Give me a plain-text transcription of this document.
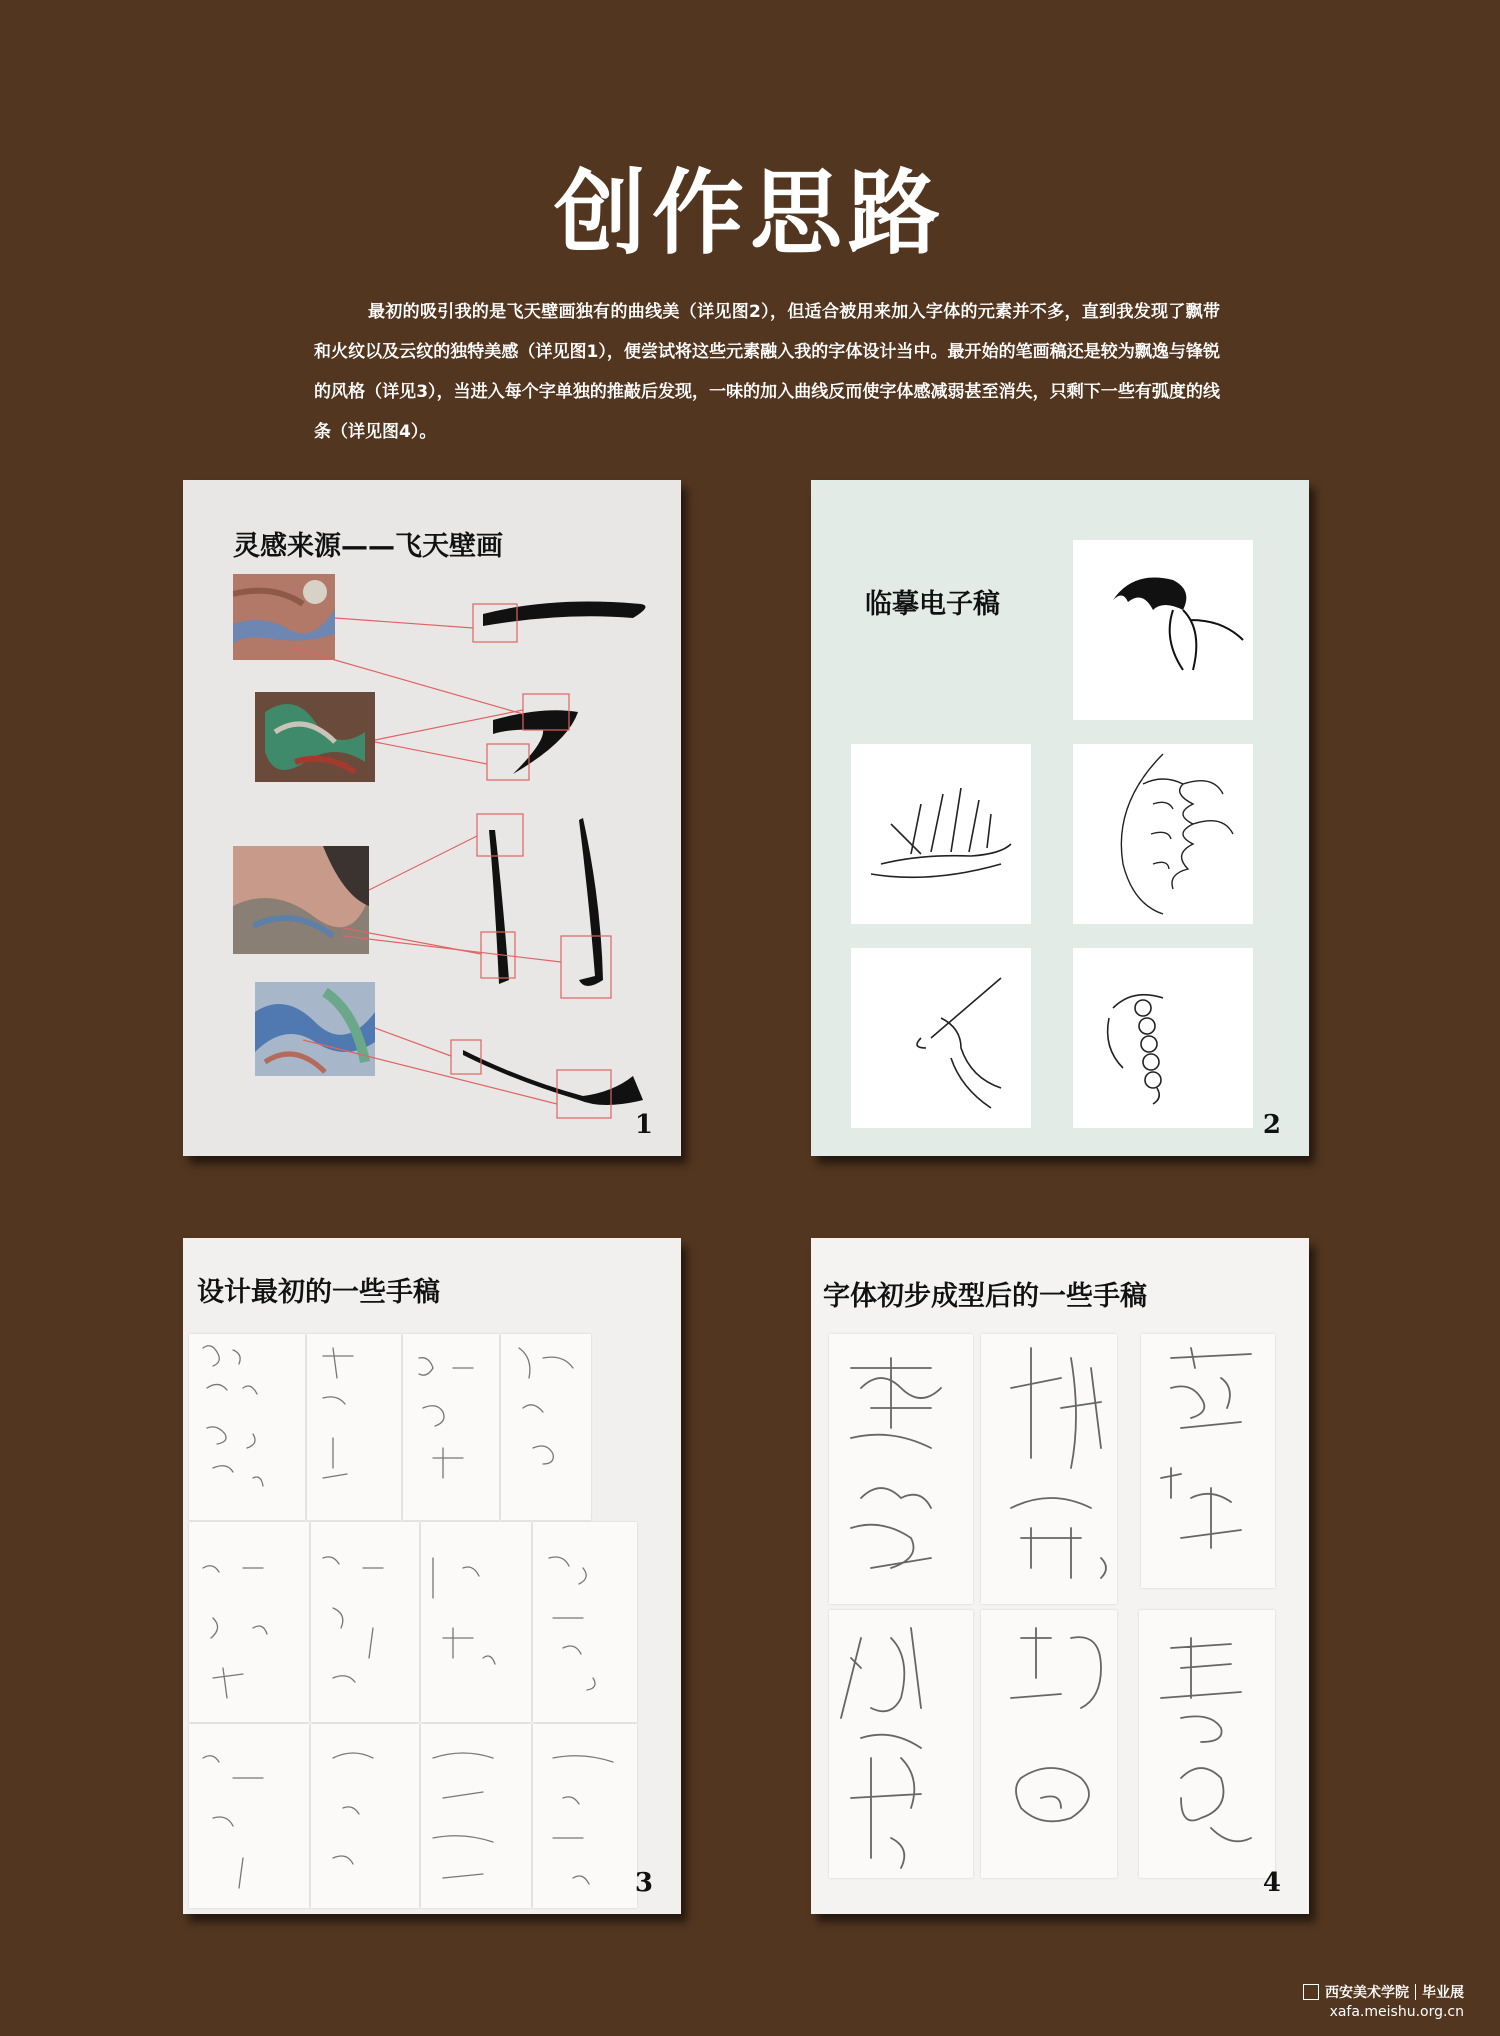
创作思路
最初的吸引我的是飞天壁画独有的曲线美（详见图2），但适合被用来加入字体的元素并不多，直到我发现了飘带和火纹以及云纹的独特美感（详见图1），便尝试将这些元素融入我的字体设计当中。最开始的笔画稿还是较为飘逸与锋锐的风格（详见3），当进入每个字单独的推敲后发现，一味的加入曲线反而使字体感减弱甚至消失，只剩下一些有弧度的线条（详见图4）。
灵感来源——飞天壁画
1
临摹电子稿
2
设计最初的一些手稿
3
字体初步成型后的一些手稿
4
西安美术学院 毕业展
xafa.meishu.org.cn
